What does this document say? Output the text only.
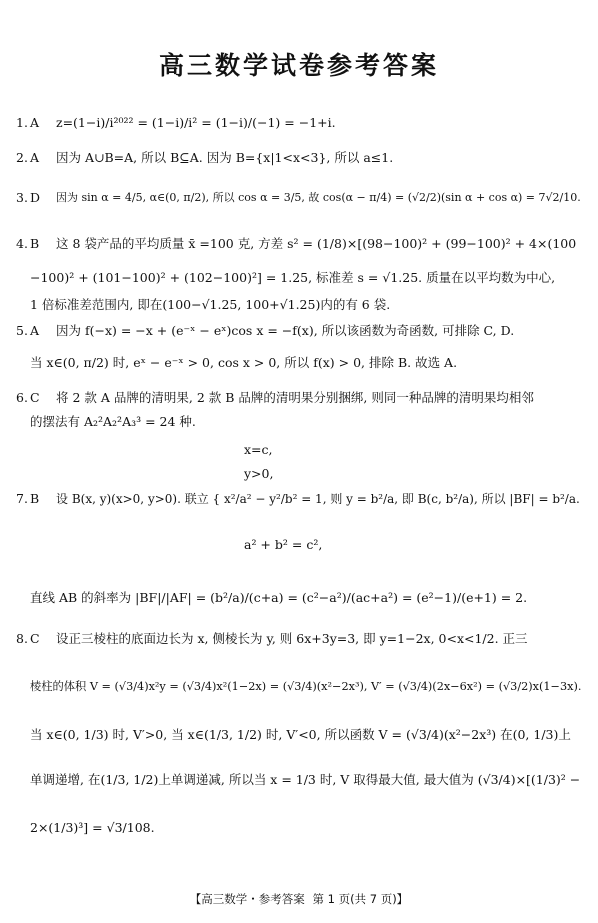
高三数学试卷参考答案
1. A z=(1−i)/i²⁰²² = (1−i)/i² = (1−i)/(−1) = −1+i.
2. A 因为 A∪B=A, 所以 B⊆A. 因为 B={x|1<x<3}, 所以 a≤1.
3. D 因为 sin α = 4/5, α∈(0, π/2), 所以 cos α = 3/5, 故 cos(α − π/4) = (√2/2)(sin α + cos α) = 7√2/10.
4. B 这 8 袋产品的平均质量 x̄ =100 克, 方差 s² = (1/8)×[(98−100)² + (99−100)² + 4×(100
−100)² + (101−100)² + (102−100)²] = 1.25, 标准差 s = √1.25. 质量在以平均数为中心,
1 倍标准差范围内, 即在(100−√1.25, 100+√1.25)内的有 6 袋.
5. A 因为 f(−x) = −x + (e⁻ˣ − eˣ)cos x = −f(x), 所以该函数为奇函数, 可排除 C, D.
当 x∈(0, π/2) 时, eˣ − e⁻ˣ > 0, cos x > 0, 所以 f(x) > 0, 排除 B. 故选 A.
6. C 将 2 款 A 品牌的清明果, 2 款 B 品牌的清明果分别捆绑, 则同一种品牌的清明果均相邻
的摆法有 A₂²A₂²A₃³ = 24 种.
x=c,
y>0,
7. B 设 B(x, y)(x>0, y>0). 联立 { x²/a² − y²/b² = 1, 则 y = b²/a, 即 B(c, b²/a), 所以 |BF| = b²/a.
a² + b² = c²,
直线 AB 的斜率为 |BF|/|AF| = (b²/a)/(c+a) = (c²−a²)/(ac+a²) = (e²−1)/(e+1) = 2.
8. C 设正三棱柱的底面边长为 x, 侧棱长为 y, 则 6x+3y=3, 即 y=1−2x, 0<x<1/2. 正三
棱柱的体积 V = (√3/4)x²y = (√3/4)x²(1−2x) = (√3/4)(x²−2x³), V′ = (√3/4)(2x−6x²) = (√3/2)x(1−3x).
当 x∈(0, 1/3) 时, V′>0, 当 x∈(1/3, 1/2) 时, V′<0, 所以函数 V = (√3/4)(x²−2x³) 在(0, 1/3)上
单调递增, 在(1/3, 1/2)上单调递减, 所以当 x = 1/3 时, V 取得最大值, 最大值为 (√3/4)×[(1/3)² −
2×(1/3)³] = √3/108.
【高三数学・参考答案 第 1 页(共 7 页)】
